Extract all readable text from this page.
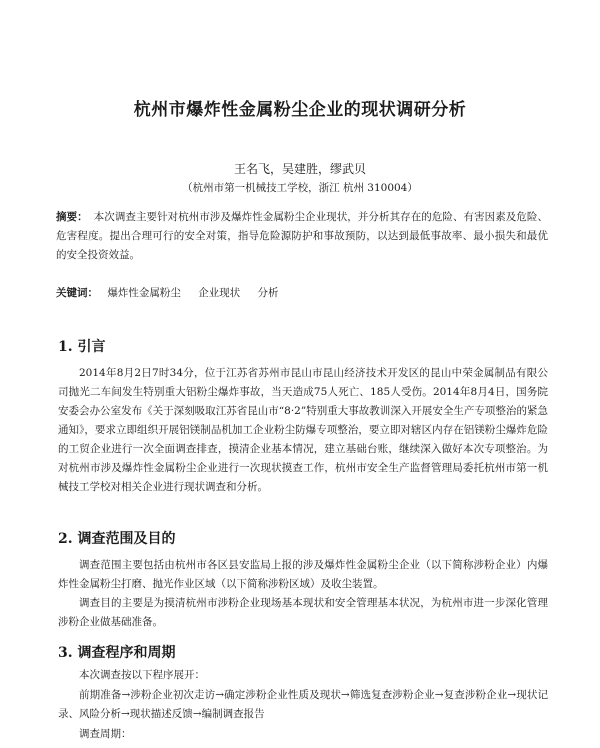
杭州市爆炸性金属粉尘企业的现状调研分析
王名飞，吴建胜，缪武贝
（杭州市第一机械技工学校，浙江 杭州 310004）
摘要： 本次调查主要针对杭州市涉及爆炸性金属粉尘企业现状，并分析其存在的危险、有害因素及危险、危害程度。提出合理可行的安全对策，指导危险源防护和事故预防，以达到最低事故率、最小损失和最优的安全投资效益。
关键词： 爆炸性金属粉尘 企业现状 分析
1. 引言
2014年8月2日7时34分，位于江苏省苏州市昆山市昆山经济技术开发区的昆山中荣金属制品有限公司抛光二车间发生特别重大铝粉尘爆炸事故，当天造成75人死亡、185人受伤。2014年8月4日，国务院安委会办公室发布《关于深刻吸取江苏省昆山市“8·2”特别重大事故教训深入开展安全生产专项整治的紧急通知》，要求立即组织开展铝镁制品机加工企业粉尘防爆专项整治，要立即对辖区内存在铝镁粉尘爆炸危险的工贸企业进行一次全面调查排查，摸清企业基本情况，建立基础台账，继续深入做好本次专项整治。为对杭州市涉及爆炸性金属粉尘企业进行一次现状摸查工作，杭州市安全生产监督管理局委托杭州市第一机械技工学校对相关企业进行现状调查和分析。
2. 调查范围及目的
调查范围主要包括由杭州市各区县安监局上报的涉及爆炸性金属粉尘企业（以下简称涉粉企业）内爆炸性金属粉尘打磨、抛光作业区域（以下简称涉粉区域）及收尘装置。
调查目的主要是为摸清杭州市涉粉企业现场基本现状和安全管理基本状况，为杭州市进一步深化管理涉粉企业做基础准备。
3. 调查程序和周期
本次调查按以下程序展开：
前期准备→涉粉企业初次走访→确定涉粉企业性质及现状→筛选复查涉粉企业→复查涉粉企业→现状记录、风险分析→现状描述反馈→编制调查报告
调查周期：
